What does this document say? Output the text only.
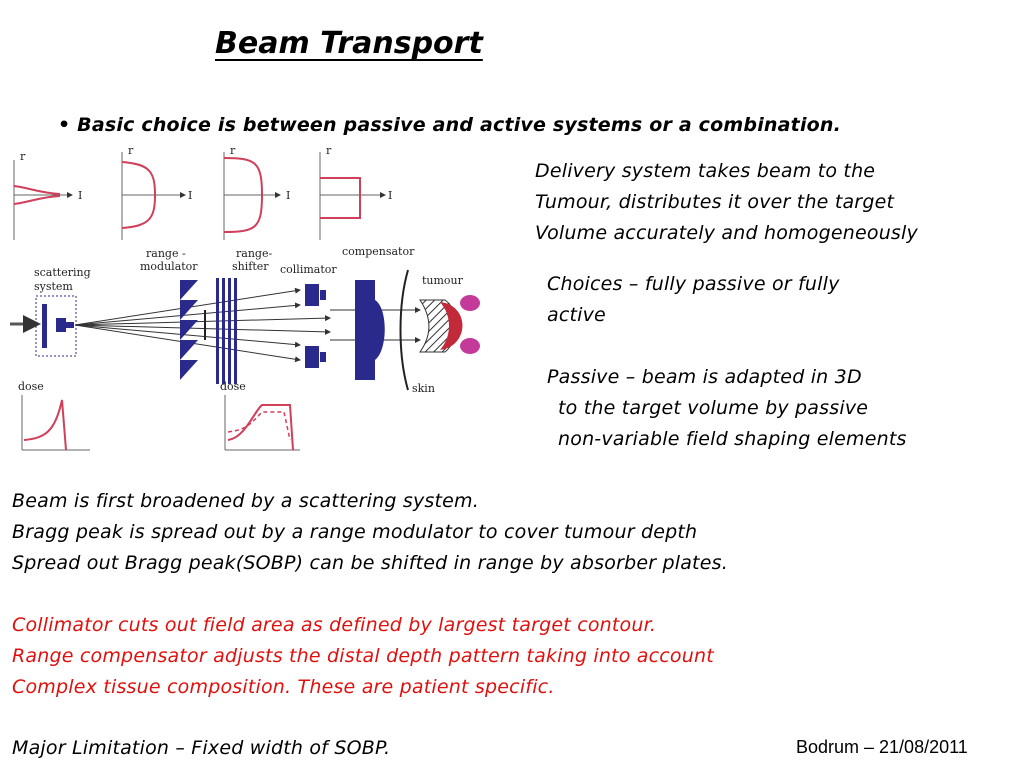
Beam Transport
• Basic choice is between passive and active systems or a combination.
Delivery system takes beam to the
Tumour, distributes it over the target
Volume accurately and homogeneously
Choices – fully passive or fully
active
Passive – beam is adapted in 3D
to the target volume by passive
non-variable field shaping elements
Beam is first broadened by a scattering system.
Bragg peak is spread out by a range modulator to cover tumour depth
Spread out Bragg peak(SOBP) can be shifted in range by absorber plates.
Collimator cuts out field area as defined by largest target contour.
Range compensator adjusts the distal depth pattern taking into account
Complex tissue composition. These are patient specific.
Major Limitation – Fixed width of SOBP.	Bodrum – 21/08/2011
r
I
r
I
r
I
r
I
scattering
system
range -
modulator
range-
shifter collimator
compensator
tumour
skin
dose	dose
